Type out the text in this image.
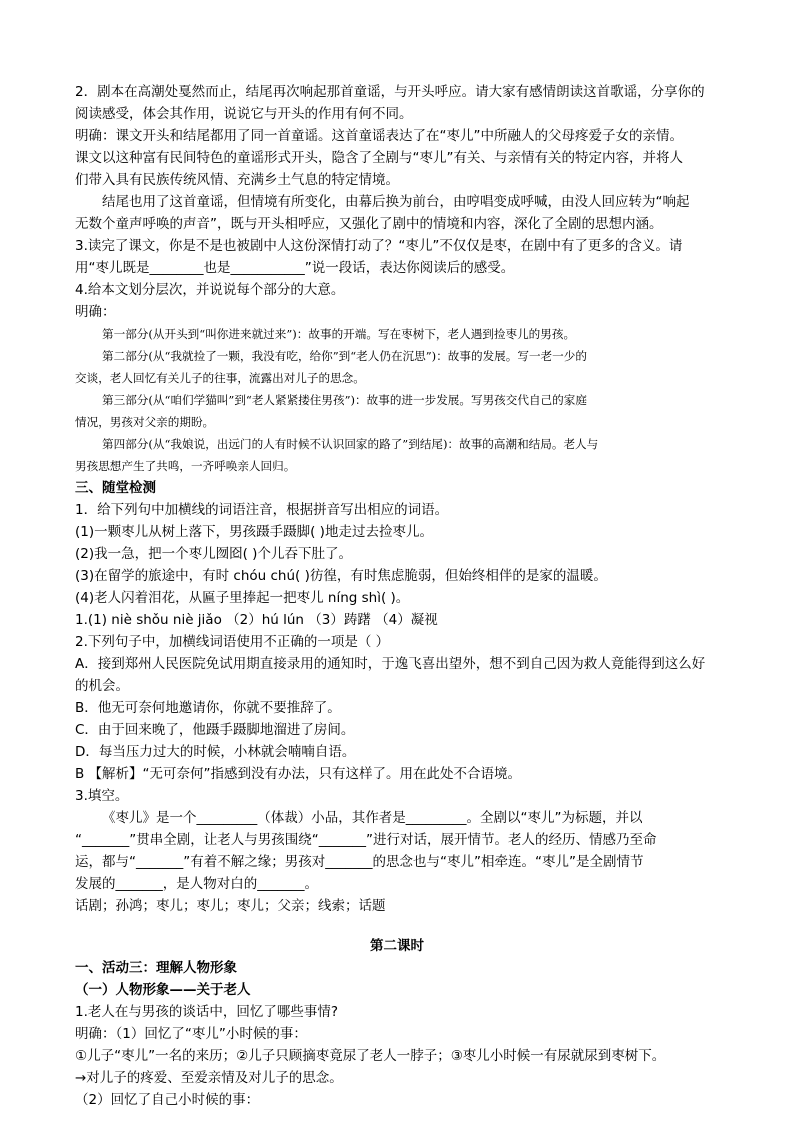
2．剧本在高潮处戛然而止，结尾再次响起那首童谣，与开头呼应。请大家有感情朗读这首歌谣，分享你的
阅读感受，体会其作用，说说它与开头的作用有何不同。
明确：课文开头和结尾都用了同一首童谣。这首童谣表达了在“枣儿”中所融人的父母疼爱子女的亲情。
课文以这种富有民间特色的童谣形式开头，隐含了全剧与“枣儿”有关、与亲情有关的特定内容，并将人
们带入具有民族传统风情、充满乡土气息的特定情境。
结尾也用了这首童谣，但情境有所变化，由幕后换为前台，由哼唱变成呼喊，由没人回应转为“响起
无数个童声呼唤的声音”，既与开头相呼应，又强化了剧中的情境和内容，深化了全剧的思想内涵。
3.读完了课文，你是不是也被剧中人这份深情打动了？“枣儿”不仅仅是枣，在剧中有了更多的含义。请
用“枣儿既是________也是___________”说一段话，表达你阅读后的感受。
4.给本文划分层次，并说说每个部分的大意。
明确：
第一部分(从开头到“叫你进来就过来”)：故事的开端。写在枣树下，老人遇到捡枣儿的男孩。
第二部分(从“我就捡了一颗，我没有吃，给你”到“老人仍在沉思”)：故事的发展。写一老一少的
交谈，老人回忆有关儿子的往事，流露出对儿子的思念。
第三部分(从“咱们学猫叫”到“老人紧紧搂住男孩”)：故事的进一步发展。写男孩交代自己的家庭
情况，男孩对父亲的期盼。
第四部分(从“我娘说，出远门的人有时候不认识回家的路了”到结尾)：故事的高潮和结局。老人与
男孩思想产生了共鸣，一齐呼唤亲人回归。
三、随堂检测
1．给下列句中加横线的词语注音，根据拼音写出相应的词语。
(1)一颗枣儿从树上落下，男孩蹑手蹑脚( )地走过去捡枣儿。
(2)我一急，把一个枣儿囫囵( )个儿吞下肚了。
(3)在留学的旅途中，有时 chóu chú( )彷徨，有时焦虑脆弱，但始终相伴的是家的温暖。
(4)老人闪着泪花，从匾子里捧起一把枣儿 níng shì( )。
1.(1) niè shǒu niè jiǎo （2）hú lún （3）踌躇 （4）凝视
2.下列句子中，加横线词语使用不正确的一项是（ ）
A．接到郑州人民医院免试用期直接录用的通知时，于逸飞喜出望外，想不到自己因为救人竟能得到这么好
的机会。
B．他无可奈何地邀请你，你就不要推辞了。
C．由于回来晚了，他蹑手蹑脚地溜进了房间。
D．每当压力过大的时候，小林就会喃喃自语。
B 【解析】“无可奈何”指感到没有办法，只有这样了。用在此处不合语境。
3.填空。
《枣儿》是一个_________（体裁）小品，其作者是_________。全剧以“枣儿”为标题，并以
“_______”贯串全剧，让老人与男孩围绕“_______”进行对话，展开情节。老人的经历、情感乃至命
运，都与“_______”有着不解之缘；男孩对_______的思念也与“枣儿”相牵连。“枣儿”是全剧情节
发展的_______，是人物对白的_______。
话剧；孙鸿；枣儿；枣儿；枣儿；父亲；线索；话题
第二课时
一、活动三：理解人物形象
（一）人物形象——关于老人
1.老人在与男孩的谈话中，回忆了哪些事情?
明确：（1）回忆了“枣儿”小时候的事：
①儿子“枣儿”一名的来历；②儿子只顾摘枣竟尿了老人一脖子；③枣儿小时候一有尿就尿到枣树下。
→对儿子的疼爱、至爱亲情及对儿子的思念。
（2）回忆了自己小时候的事：
